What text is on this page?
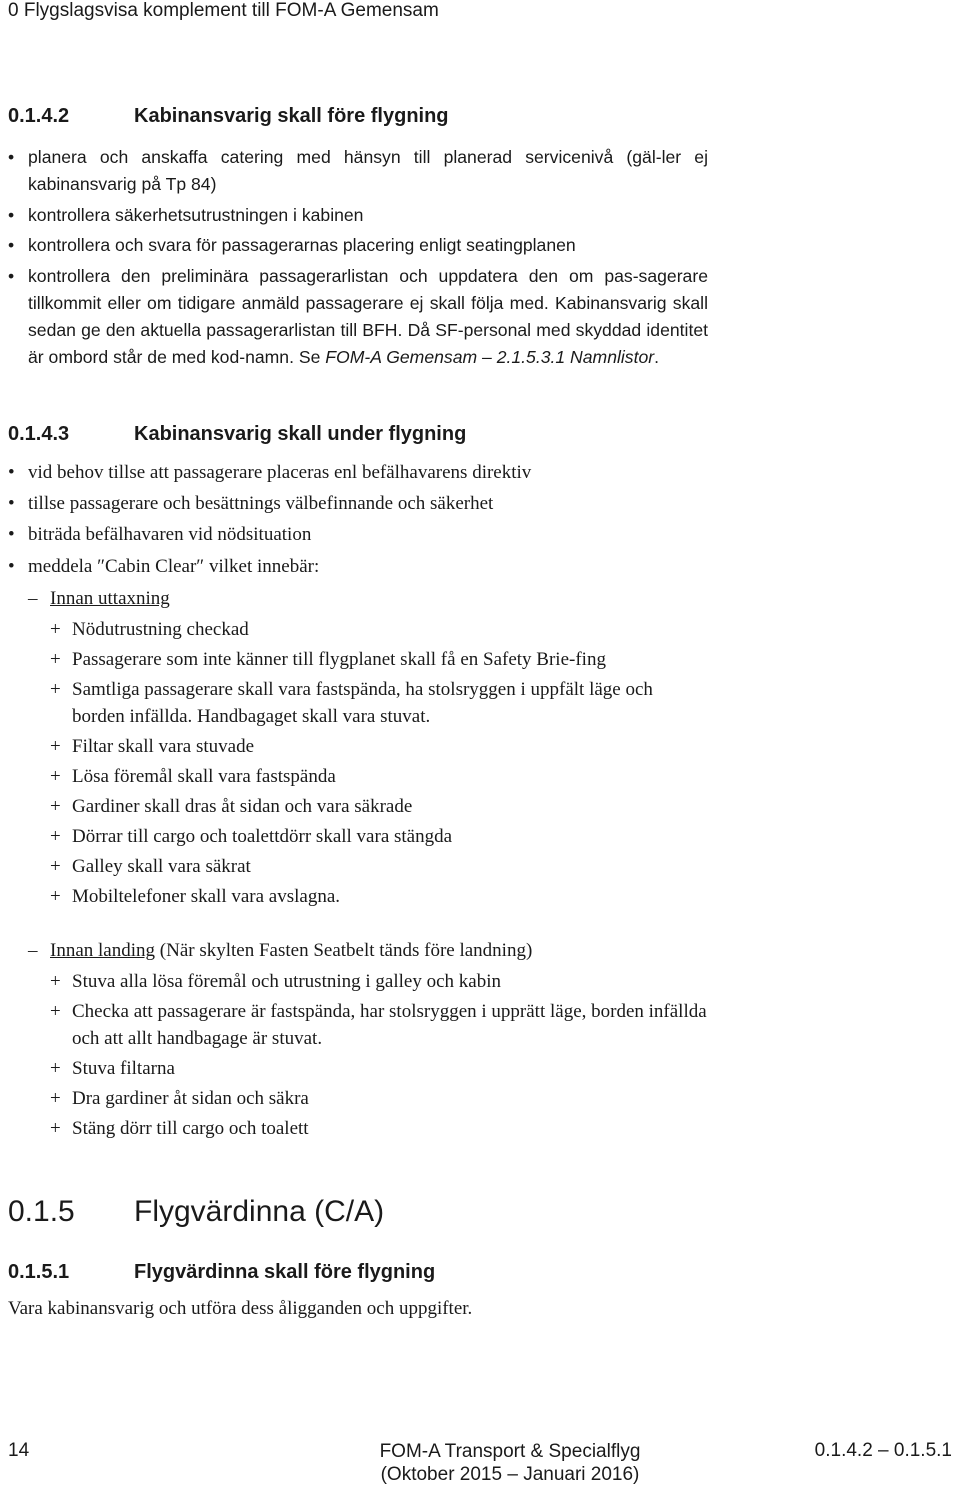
0 Flygslagsvisa komplement till FOM-A Gemensam
0.1.4.2	Kabinansvarig skall före flygning
• planera och anskaffa catering med hänsyn till planerad servicenivå (gäl-ler ej kabinansvarig på Tp 84)
• kontrollera säkerhetsutrustningen i kabinen
• kontrollera och svara för passagerarnas placering enligt seatingplanen
• kontrollera den preliminära passagerarlistan och uppdatera den om pas-sagerare tillkommit eller om tidigare anmäld passagerare ej skall följa med. Kabinansvarig skall sedan ge den aktuella passagerarlistan till BFH. Då SF-personal med skyddad identitet är ombord står de med kod-namn. Se FOM-A Gemensam – 2.1.5.3.1 Namnlistor.
0.1.4.3	Kabinansvarig skall under flygning
• vid behov tillse att passagerare placeras enl befälhavarens direktiv
• tillse passagerare och besättnings välbefinnande och säkerhet
• biträda befälhavaren vid nödsituation
• meddela ″Cabin Clear″ vilket innebär:
– Innan uttaxning
+ Nödutrustning checkad
+ Passagerare som inte känner till flygplanet skall få en Safety Brie-fing
+ Samtliga passagerare skall vara fastspända, ha stolsryggen i uppfält läge och borden infällda. Handbagaget skall vara stuvat.
+ Filtar skall vara stuvade
+ Lösa föremål skall vara fastspända
+ Gardiner skall dras åt sidan och vara säkrade
+ Dörrar till cargo och toalettdörr skall vara stängda
+ Galley skall vara säkrat
+ Mobiltelefoner skall vara avslagna.
– Innan landing (När skylten Fasten Seatbelt tänds före landning)
+ Stuva alla lösa föremål och utrustning i galley och kabin
+ Checka att passagerare är fastspända, har stolsryggen i upprätt läge, borden infällda och att allt handbagage är stuvat.
+ Stuva filtarna
+ Dra gardiner åt sidan och säkra
+ Stäng dörr till cargo och toalett
0.1.5 Flygvärdinna (C/A)
0.1.5.1	Flygvärdinna skall före flygning
Vara kabinansvarig och utföra dess åligganden och uppgifter.
14	FOM-A Transport & Specialflyg
(Oktober 2015 – Januari 2016)
0.1.4.2 – 0.1.5.1
